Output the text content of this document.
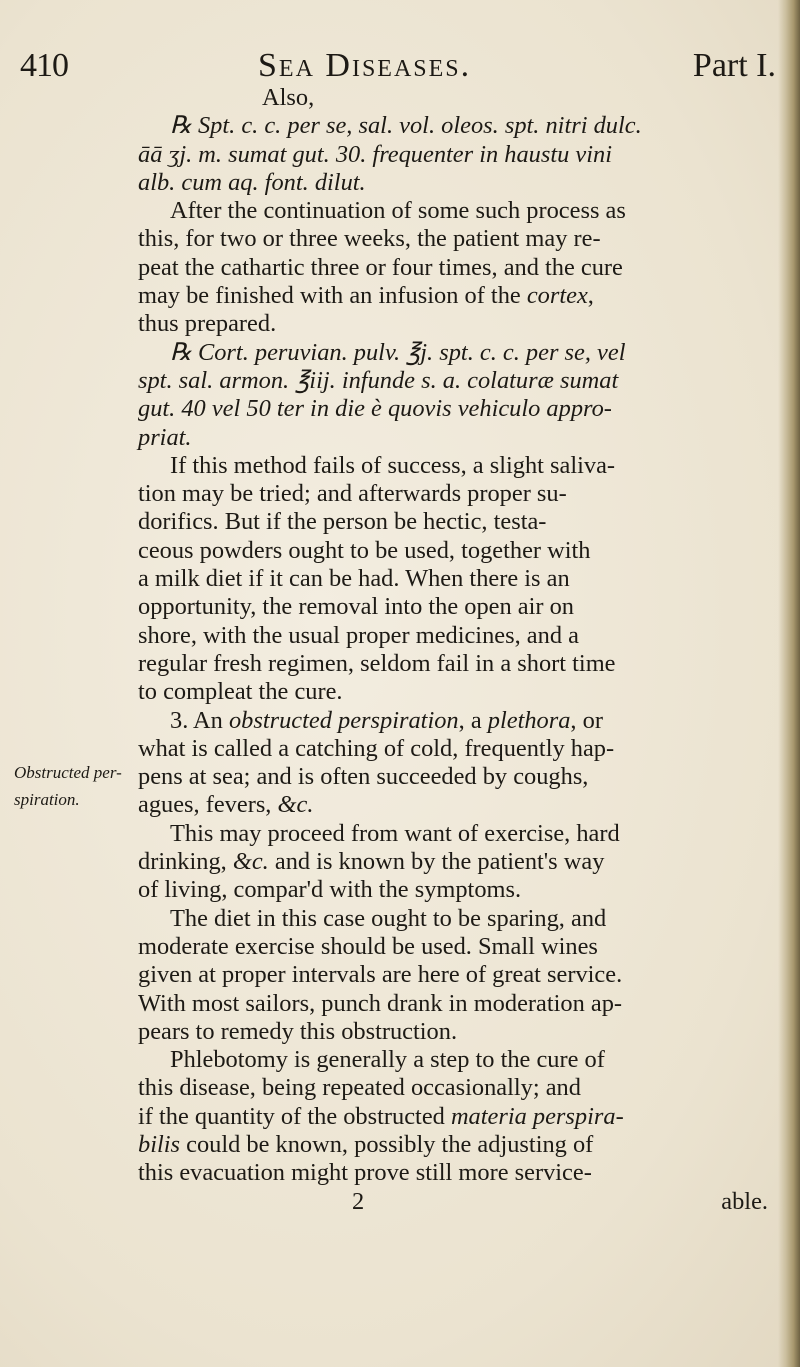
410	Sea Diseases.	Part I.
Obstructed per-
spiration.

Also,

℞ Spt. c. c. per se, sal. vol. oleos. spt. nitri dulc.

āā ʒj. m. sumat gut. 30. frequenter in haustu vini

alb. cum aq. font. dilut.

After the continuation of some such process as

this, for two or three weeks, the patient may re-

peat the cathartic three or four times, and the cure

may be finished with an infusion of the cortex,

thus prepared.

℞ Cort. peruvian. pulv. ℥j. spt. c. c. per se, vel

spt. sal. armon. ℥iij. infunde s. a. colaturæ sumat

gut. 40 vel 50 ter in die è quovis vehiculo appro-

priat.

If this method fails of success, a slight saliva-

tion may be tried; and afterwards proper su-

dorifics. But if the person be hectic, testa-

ceous powders ought to be used, together with

a milk diet if it can be had. When there is an

opportunity, the removal into the open air on

shore, with the usual proper medicines, and a

regular fresh regimen, seldom fail in a short time

to compleat the cure.

3. An obstructed perspiration, a plethora, or

what is called a catching of cold, frequently hap-

pens at sea; and is often succeeded by coughs,

agues, fevers, &c.

This may proceed from want of exercise, hard

drinking, &c. and is known by the patient's way

of living, compar'd with the symptoms.

The diet in this case ought to be sparing, and

moderate exercise should be used. Small wines

given at proper intervals are here of great service.

With most sailors, punch drank in moderation ap-

pears to remedy this obstruction.

Phlebotomy is generally a step to the cure of

this disease, being repeated occasionally; and

if the quantity of the obstructed materia perspira-

bilis could be known, possibly the adjusting of

this evacuation might prove still more service-

2	able.
